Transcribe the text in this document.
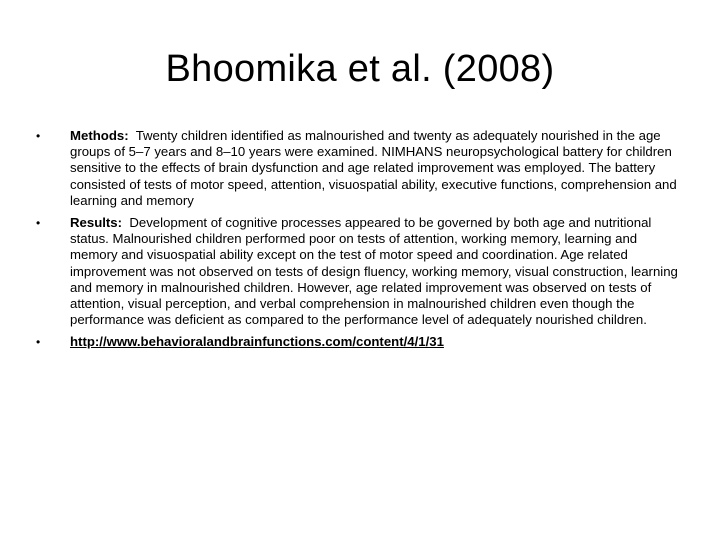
Bhoomika et al. (2008)
•	Methods: Twenty children identified as malnourished and twenty as adequately nourished in the age groups of 5–7 years and 8–10 years were examined. NIMHANS neuropsychological battery for children sensitive to the effects of brain dysfunction and age related improvement was employed. The battery consisted of tests of motor speed, attention, visuospatial ability, executive functions, comprehension and learning and memory
•	Results: Development of cognitive processes appeared to be governed by both age and nutritional status. Malnourished children performed poor on tests of attention, working memory, learning and memory and visuospatial ability except on the test of motor speed and coordination. Age related improvement was not observed on tests of design fluency, working memory, visual construction, learning and memory in malnourished children. However, age related improvement was observed on tests of attention, visual perception, and verbal comprehension in malnourished children even though the performance was deficient as compared to the performance level of adequately nourished children.
•	http://www.behavioralandbrainfunctions.com/content/4/1/31
